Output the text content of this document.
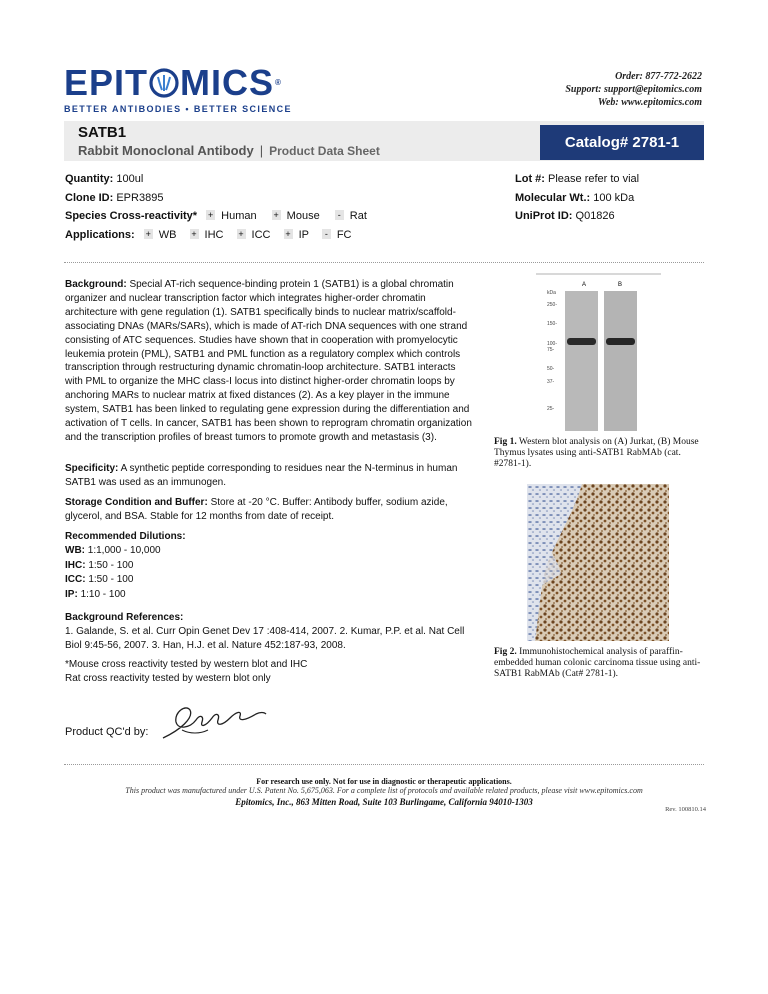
EPIT MICS ®
BETTER ANTIBODIES • BETTER SCIENCE
Order: 877-772-2622
Support: support@epitomics.com
Web: www.epitomics.com
SATB1
Rabbit Monoclonal Antibody | Product Data Sheet	Catalog# 2781-1
Quantity: 100ul
Clone ID: EPR3895
Species Cross-reactivity* + Human + Mouse - Rat
Applications: + WB + IHC + ICC + IP - FC
Lot #: Please refer to vial
Molecular Wt.: 100 kDa
UniProt ID: Q01826
Background: Special AT-rich sequence-binding protein 1 (SATB1) is a global chromatin organizer and nuclear transcription factor which integrates higher-order chromatin architecture with gene regulation (1). SATB1 specifically binds to nuclear matrix/scaffold-associating DNAs (MARs/SARs), which is made of AT-rich DNA sequences with one strand consisting of ATC sequences. Studies have shown that in cooperation with promyelocytic leukemia protein (PML), SATB1 and PML function as a regulatory complex which controls transcription through restructuring dynamic chromatin-loop architecture. SATB1 interacts with PML to organize the MHC class-I locus into distinct higher-order chromatin loops by anchoring MARs to nuclear matrix at fixed distances (2). As a key player in the immune system, SATB1 has been linked to regulating gene expression during the differentiation and activation of T cells. In cancer, SATB1 has been shown to reprogram chromatin organization and the transcription profiles of breast tumors to promote growth and metastasis (3).
Specificity: A synthetic peptide corresponding to residues near the N-terminus in human SATB1 was used as an immunogen.
Storage Condition and Buffer: Store at -20 °C. Buffer: Antibody buffer, sodium azide, glycerol, and BSA. Stable for 12 months from date of receipt.
Recommended Dilutions:
WB: 1:1,000 - 10,000
IHC: 1:50 - 100
ICC: 1:50 - 100
IP: 1:10 - 100
Background References:
1. Galande, S. et al. Curr Opin Genet Dev 17 :408-414, 2007. 2. Kumar, P.P. et al. Nat Cell Biol 9:45-56, 2007. 3. Han, H.J. et al. Nature 452:187-93, 2008.
*Mouse cross reactivity tested by western blot and IHC
Rat cross reactivity tested by western blot only
Product QC'd by:
A	B
kDa
250-
150-
100-
75-
50-
37-
25-
Fig 1. Western blot analysis on (A) Jurkat, (B) Mouse Thymus lysates using anti-SATB1 RabMAb (cat. #2781-1).
Fig 2. Immunohistochemical analysis of paraffin-embedded human colonic carcinoma tissue using anti-SATB1 RabMAb (Cat# 2781-1).
For research use only. Not for use in diagnostic or therapeutic applications.
This product was manufactured under U.S. Patent No. 5,675,063. For a complete list of protocols and available related products, please visit www.epitomics.com
Epitomics, Inc., 863 Mitten Road, Suite 103 Burlingame, California 94010-1303
Rev. 100810.14
